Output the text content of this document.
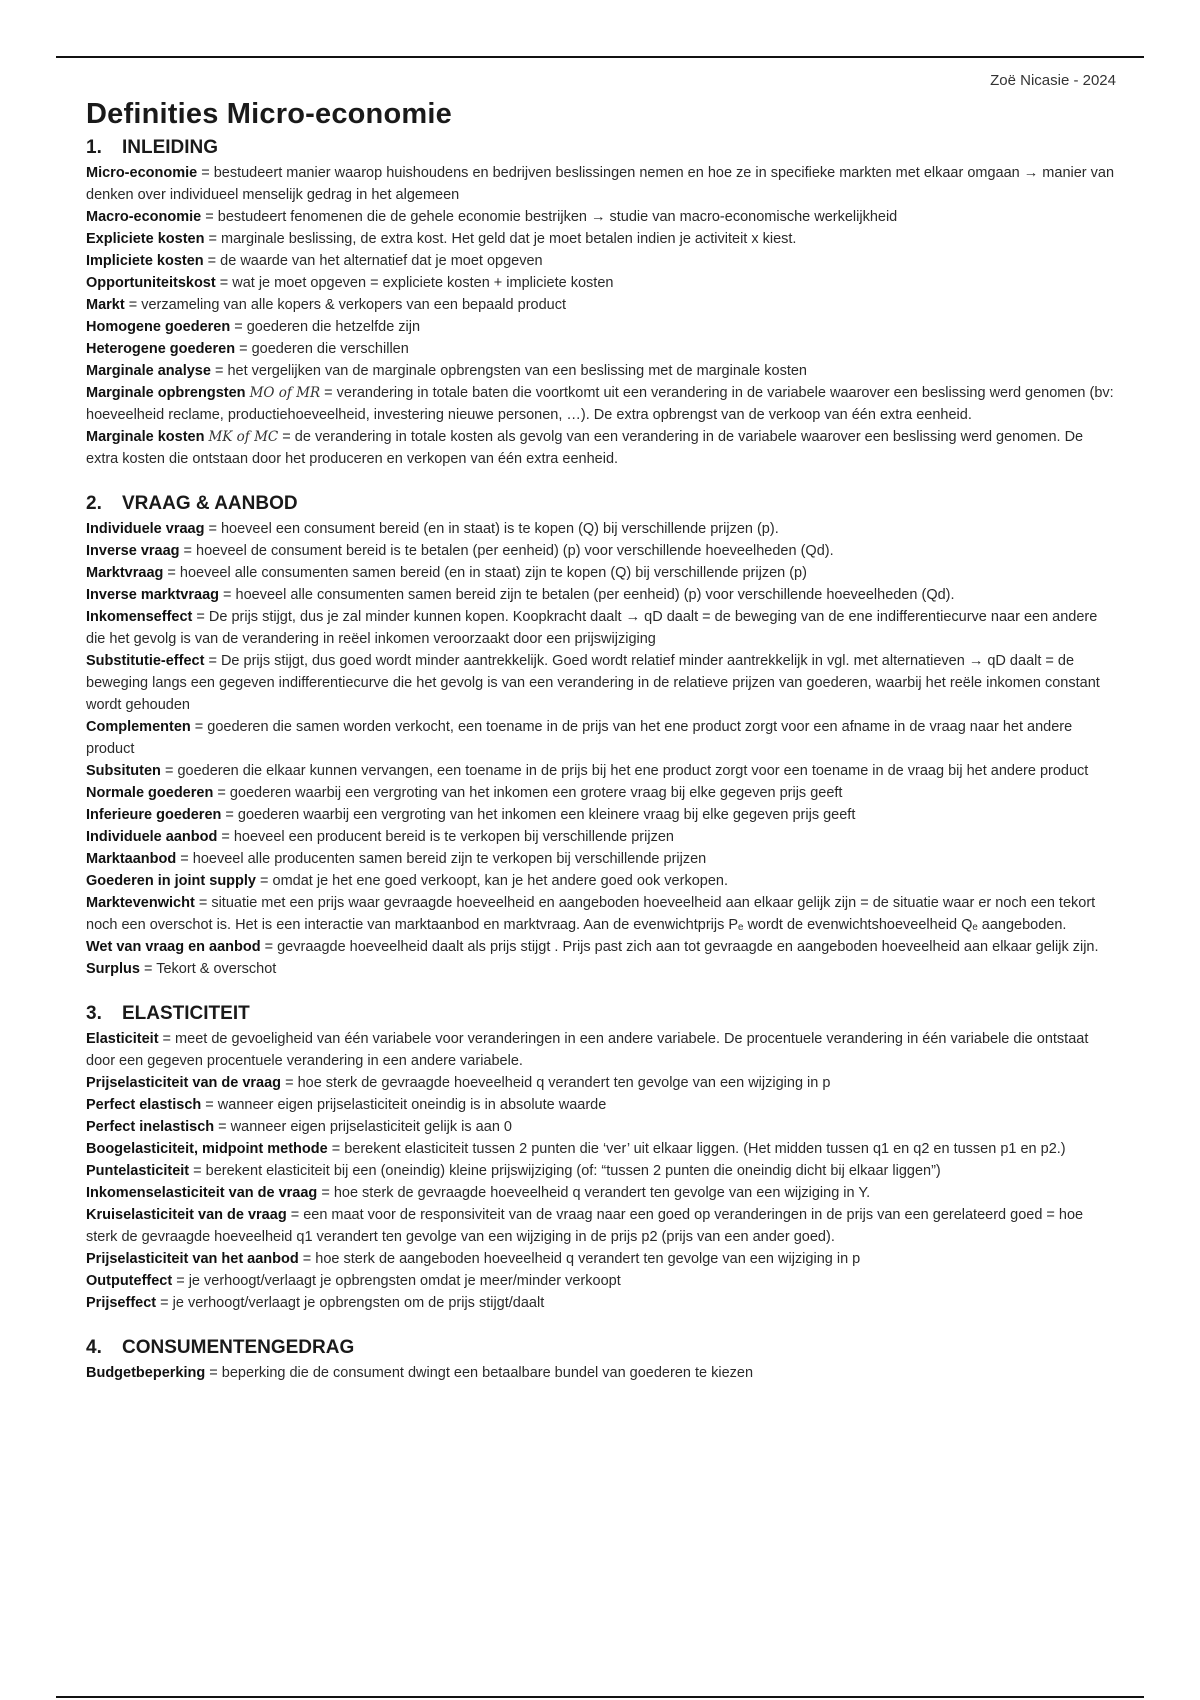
Zoë Nicasie - 2024
Definities Micro-economie
1. INLEIDING

Micro-economie = bestudeert manier waarop huishoudens en bedrijven beslissingen nemen en hoe ze in specifieke markten met elkaar omgaan → manier van denken over individueel menselijk gedrag in het algemeen

Macro-economie = bestudeert fenomenen die de gehele economie bestrijken → studie van macro-economische werkelijkheid

Expliciete kosten = marginale beslissing, de extra kost. Het geld dat je moet betalen indien je activiteit x kiest.

Impliciete kosten = de waarde van het alternatief dat je moet opgeven

Opportuniteitskost = wat je moet opgeven = expliciete kosten + impliciete kosten

Markt = verzameling van alle kopers & verkopers van een bepaald product

Homogene goederen = goederen die hetzelfde zijn

Heterogene goederen = goederen die verschillen

Marginale analyse = het vergelijken van de marginale opbrengsten van een beslissing met de marginale kosten

Marginale opbrengsten MO of MR = verandering in totale baten die voortkomt uit een verandering in de variabele waarover een beslissing werd genomen (bv: hoeveelheid reclame, productiehoeveelheid, investering nieuwe personen, …). De extra opbrengst van de verkoop van één extra eenheid.

Marginale kosten MK of MC = de verandering in totale kosten als gevolg van een verandering in de variabele waarover een beslissing werd genomen. De extra kosten die ontstaan door het produceren en verkopen van één extra eenheid.

2. VRAAG & AANBOD

Individuele vraag = hoeveel een consument bereid (en in staat) is te kopen (Q) bij verschillende prijzen (p).

Inverse vraag = hoeveel de consument bereid is te betalen (per eenheid) (p) voor verschillende hoeveelheden (Qd).

Marktvraag = hoeveel alle consumenten samen bereid (en in staat) zijn te kopen (Q) bij verschillende prijzen (p)

Inverse marktvraag = hoeveel alle consumenten samen bereid zijn te betalen (per eenheid) (p) voor verschillende hoeveelheden (Qd).

Inkomenseffect = De prijs stijgt, dus je zal minder kunnen kopen. Koopkracht daalt → qD daalt = de beweging van de ene indifferentiecurve naar een andere die het gevolg is van de verandering in reëel inkomen veroorzaakt door een prijswijziging

Substitutie-effect = De prijs stijgt, dus goed wordt minder aantrekkelijk. Goed wordt relatief minder aantrekkelijk in vgl. met alternatieven → qD daalt = de beweging langs een gegeven indifferentiecurve die het gevolg is van een verandering in de relatieve prijzen van goederen, waarbij het reële inkomen constant wordt gehouden

Complementen = goederen die samen worden verkocht, een toename in de prijs van het ene product zorgt voor een afname in de vraag naar het andere product

Subsituten = goederen die elkaar kunnen vervangen, een toename in de prijs bij het ene product zorgt voor een toename in de vraag bij het andere product

Normale goederen = goederen waarbij een vergroting van het inkomen een grotere vraag bij elke gegeven prijs geeft

Inferieure goederen = goederen waarbij een vergroting van het inkomen een kleinere vraag bij elke gegeven prijs geeft

Individuele aanbod = hoeveel een producent bereid is te verkopen bij verschillende prijzen

Marktaanbod = hoeveel alle producenten samen bereid zijn te verkopen bij verschillende prijzen

Goederen in joint supply = omdat je het ene goed verkoopt, kan je het andere goed ook verkopen.

Marktevenwicht = situatie met een prijs waar gevraagde hoeveelheid en aangeboden hoeveelheid aan elkaar gelijk zijn = de situatie waar er noch een tekort noch een overschot is. Het is een interactie van marktaanbod en marktvraag. Aan de evenwichtprijs Pₑ wordt de evenwichtshoeveelheid Qₑ aangeboden.

Wet van vraag en aanbod = gevraagde hoeveelheid daalt als prijs stijgt . Prijs past zich aan tot gevraagde en aangeboden hoeveelheid aan elkaar gelijk zijn.

Surplus = Tekort & overschot

3. ELASTICITEIT

Elasticiteit = meet de gevoeligheid van één variabele voor veranderingen in een andere variabele. De procentuele verandering in één variabele die ontstaat door een gegeven procentuele verandering in een andere variabele.

Prijselasticiteit van de vraag = hoe sterk de gevraagde hoeveelheid q verandert ten gevolge van een wijziging in p

Perfect elastisch = wanneer eigen prijselasticiteit oneindig is in absolute waarde

Perfect inelastisch = wanneer eigen prijselasticiteit gelijk is aan 0

Boogelasticiteit, midpoint methode = berekent elasticiteit tussen 2 punten die ‘ver’ uit elkaar liggen. (Het midden tussen q1 en q2 en tussen p1 en p2.)

Puntelasticiteit = berekent elasticiteit bij een (oneindig) kleine prijswijziging (of: “tussen 2 punten die oneindig dicht bij elkaar liggen”)

Inkomenselasticiteit van de vraag = hoe sterk de gevraagde hoeveelheid q verandert ten gevolge van een wijziging in Y.

Kruiselasticiteit van de vraag = een maat voor de responsiviteit van de vraag naar een goed op veranderingen in de prijs van een gerelateerd goed = hoe sterk de gevraagde hoeveelheid q1 verandert ten gevolge van een wijziging in de prijs p2 (prijs van een ander goed).

Prijselasticiteit van het aanbod = hoe sterk de aangeboden hoeveelheid q verandert ten gevolge van een wijziging in p

Outputeffect = je verhoogt/verlaagt je opbrengsten omdat je meer/minder verkoopt

Prijseffect = je verhoogt/verlaagt je opbrengsten om de prijs stijgt/daalt

4. CONSUMENTENGEDRAG

Budgetbeperking = beperking die de consument dwingt een betaalbare bundel van goederen te kiezen
